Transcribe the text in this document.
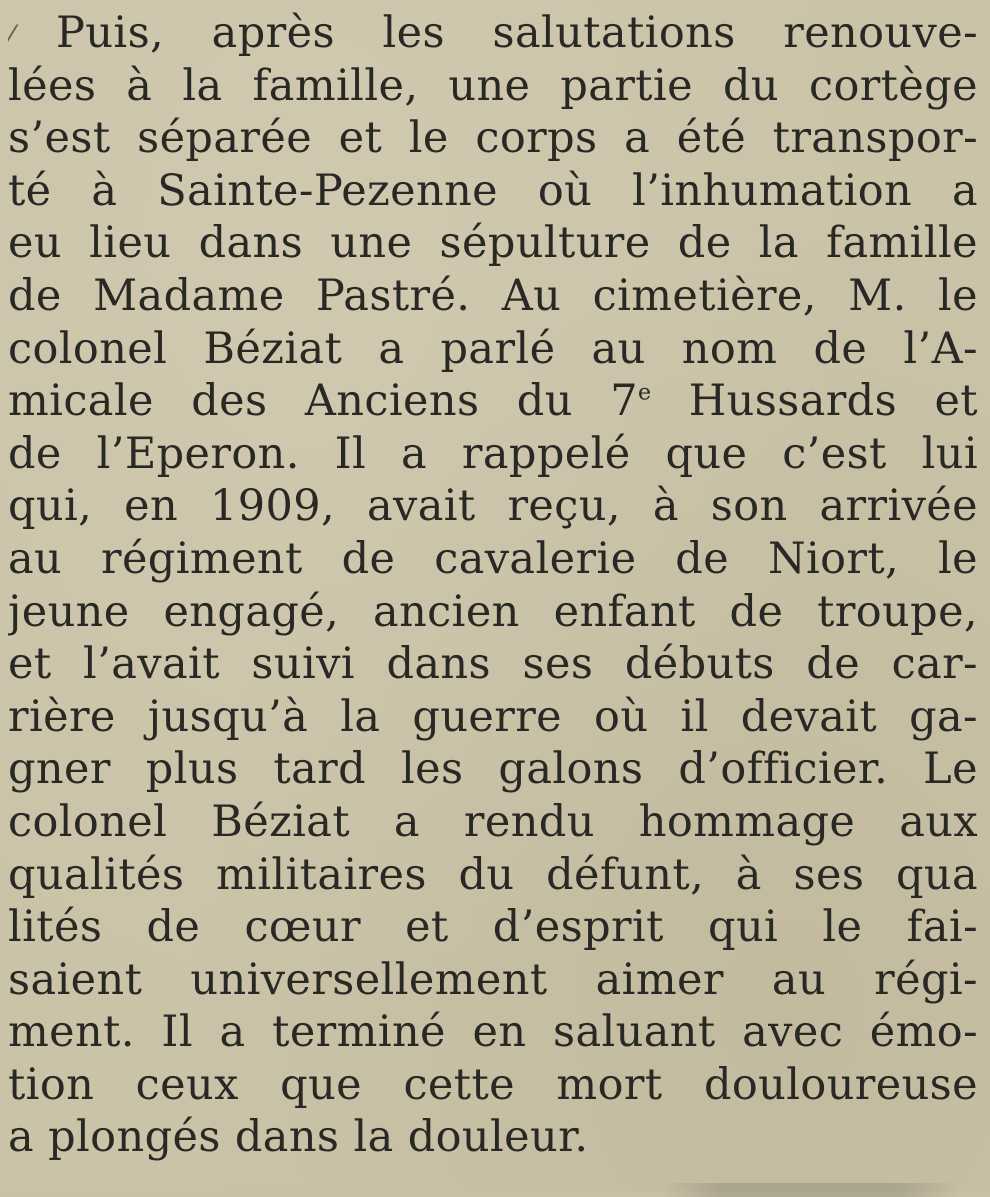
⁄ Puis, après les salutations renouve-
lées à la famille, une partie du cortège
s’est séparée et le corps a été transpor-
té à Sainte-Pezenne où l’inhumation a
eu lieu dans une sépulture de la famille
de Madame Pastré. Au cimetière, M. le
colonel Béziat a parlé au nom de l’A-
micale des Anciens du 7e Hussards et
de l’Eperon. Il a rappelé que c’est lui
qui, en 1909, avait reçu, à son arrivée
au régiment de cavalerie de Niort, le
jeune engagé, ancien enfant de troupe,
et l’avait suivi dans ses débuts de car-
rière jusqu’à la guerre où il devait ga-
gner plus tard les galons d’officier. Le
colonel Béziat a rendu hommage aux
qualités militaires du défunt, à ses qua
lités de cœur et d’esprit qui le fai-
saient universellement aimer au régi-
ment. Il a terminé en saluant avec émo-
tion ceux que cette mort douloureuse
a plongés dans la douleur.
